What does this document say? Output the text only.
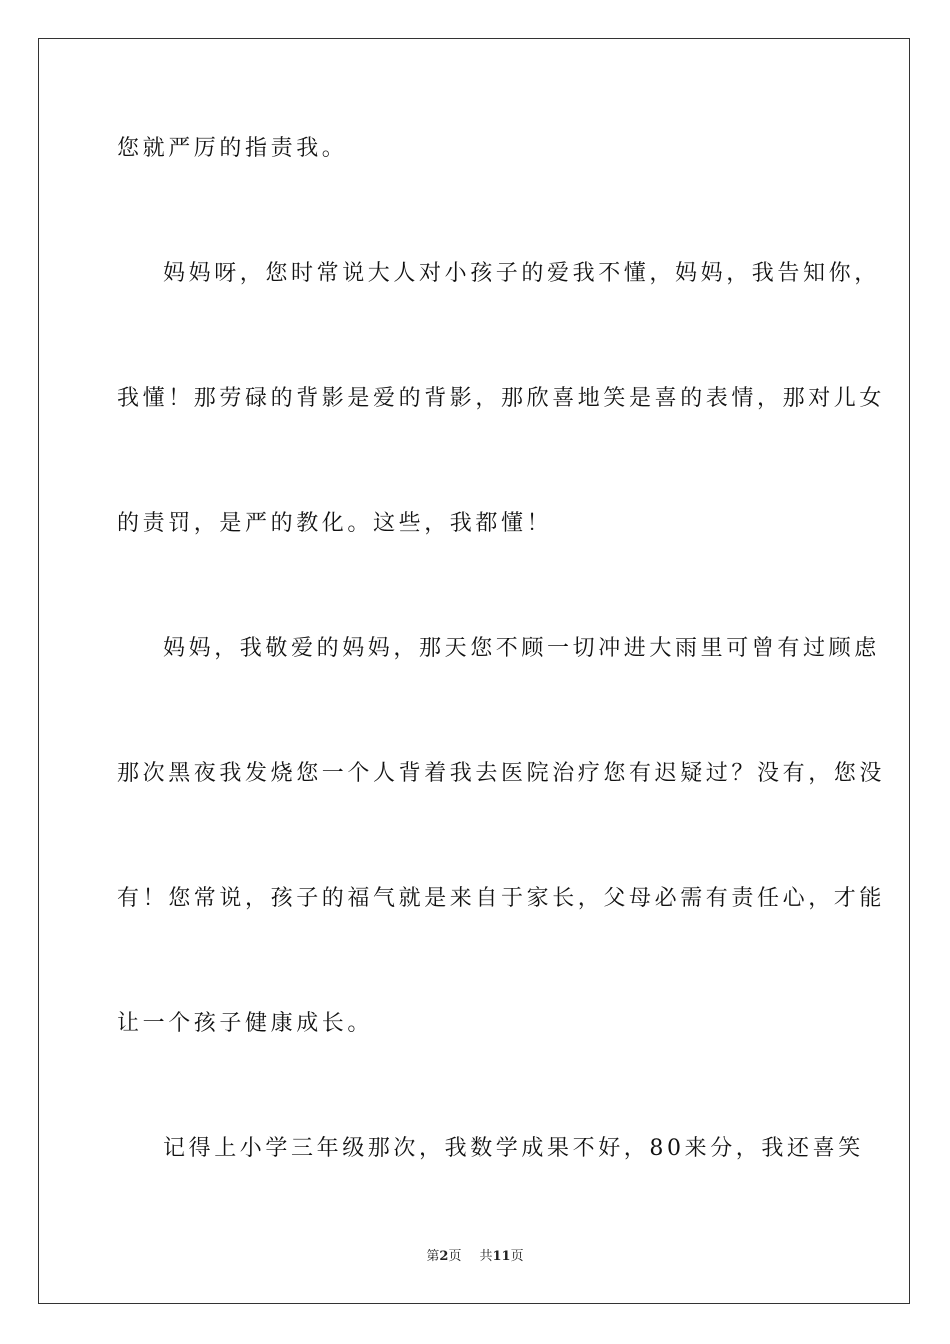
您就严厉的指责我。
妈妈呀，您时常说大人对小孩子的爱我不懂，妈妈，我告知你，
我懂！那劳碌的背影是爱的背影，那欣喜地笑是喜的表情，那对儿女
的责罚，是严的教化。这些，我都懂！
妈妈，我敬爱的妈妈，那天您不顾一切冲进大雨里可曾有过顾虑
那次黑夜我发烧您一个人背着我去医院治疗您有迟疑过？没有，您没
有！您常说，孩子的福气就是来自于家长，父母必需有责任心，才能
让一个孩子健康成长。
记得上小学三年级那次，我数学成果不好，80来分，我还喜笑
第2页 共11页
